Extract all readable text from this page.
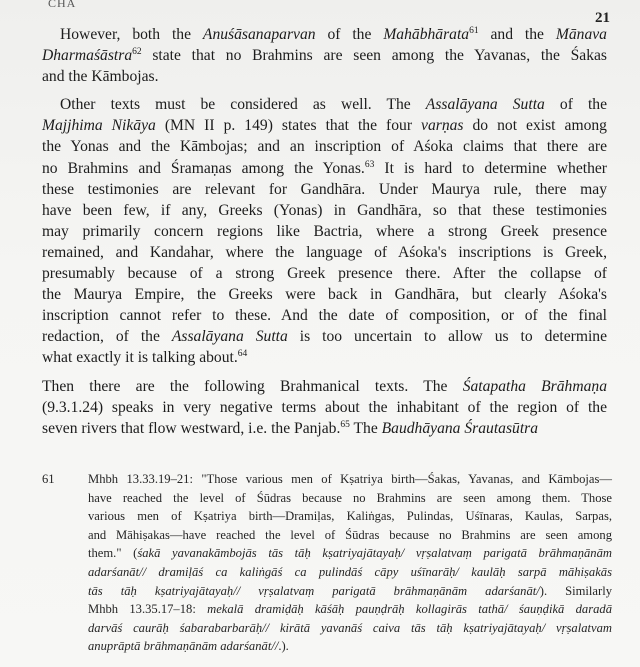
CHA
21
However, both the Anuśāsanaparvan of the Mahābhārata$^{61}$ and the Mānava
Dharmaśāstra$^{62}$ state that no Brahmins are seen among the Yavanas, the Śakas
and the Kāmbojas.
Other texts must be considered as well. The Assalāyana Sutta of the
Majjhima Nikāya (MN II p. 149) states that the four varṇas do not exist among
the Yonas and the Kāmbojas; and an inscription of Aśoka claims that there are
no Brahmins and Śramaṇas among the Yonas.$^{63}$ It is hard to determine whether
these testimonies are relevant for Gandhāra. Under Maurya rule, there may
have been few, if any, Greeks (Yonas) in Gandhāra, so that these testimonies
may primarily concern regions like Bactria, where a strong Greek presence
remained, and Kandahar, where the language of Aśoka's inscriptions is Greek,
presumably because of a strong Greek presence there. After the collapse of
the Maurya Empire, the Greeks were back in Gandhāra, but clearly Aśoka's
inscription cannot refer to these. And the date of composition, or of the final
redaction, of the Assalāyana Sutta is too uncertain to allow us to determine
what exactly it is talking about.$^{64}$
Then there are the following Brahmanical texts. The Śatapatha Brāhmaṇa
(9.3.1.24) speaks in very negative terms about the inhabitant of the region of the
seven rivers that flow westward, i.e. the Panjab.$^{65}$ The Baudhāyana Śrautasūtra
61	Mhbh 13.33.19–21: "Those various men of Kṣatriya birth—Śakas, Yavanas, and Kāmbojas—
have reached the level of Śūdras because no Brahmins are seen among them. Those
various men of Kṣatriya birth—Dramiḷas, Kaliṅgas, Pulindas, Uśīnaras, Kaulas, Sarpas,
and Māhiṣakas—have reached the level of Śūdras because no Brahmins are seen among
them." (śakā yavanakāmbojās tās tāḥ kṣatriyajātayaḥ/ vṛṣalatvaṃ parigatā brāhmaṇānām
adarśanāt// dramiḷāś ca kaliṅgāś ca pulindāś cāpy uśīnarāḥ/ kaulāḥ sarpā māhiṣakās
tās tāḥ kṣatriyajātayaḥ// vṛṣalatvaṃ parigatā brāhmaṇānām adarśanāt/). Similarly
Mhbh 13.35.17–18: mekalā dramiḍāḥ kāśāḥ pauṇḍrāḥ kollagirās tathā/ śauṇḍikā daradā
darvāś caurāḥ śabarabarbarāḥ// kirātā yavanāś caiva tās tāḥ kṣatriyajātayaḥ/ vṛṣalatvam
anuprāptā brāhmaṇānām adarśanāt//.).
